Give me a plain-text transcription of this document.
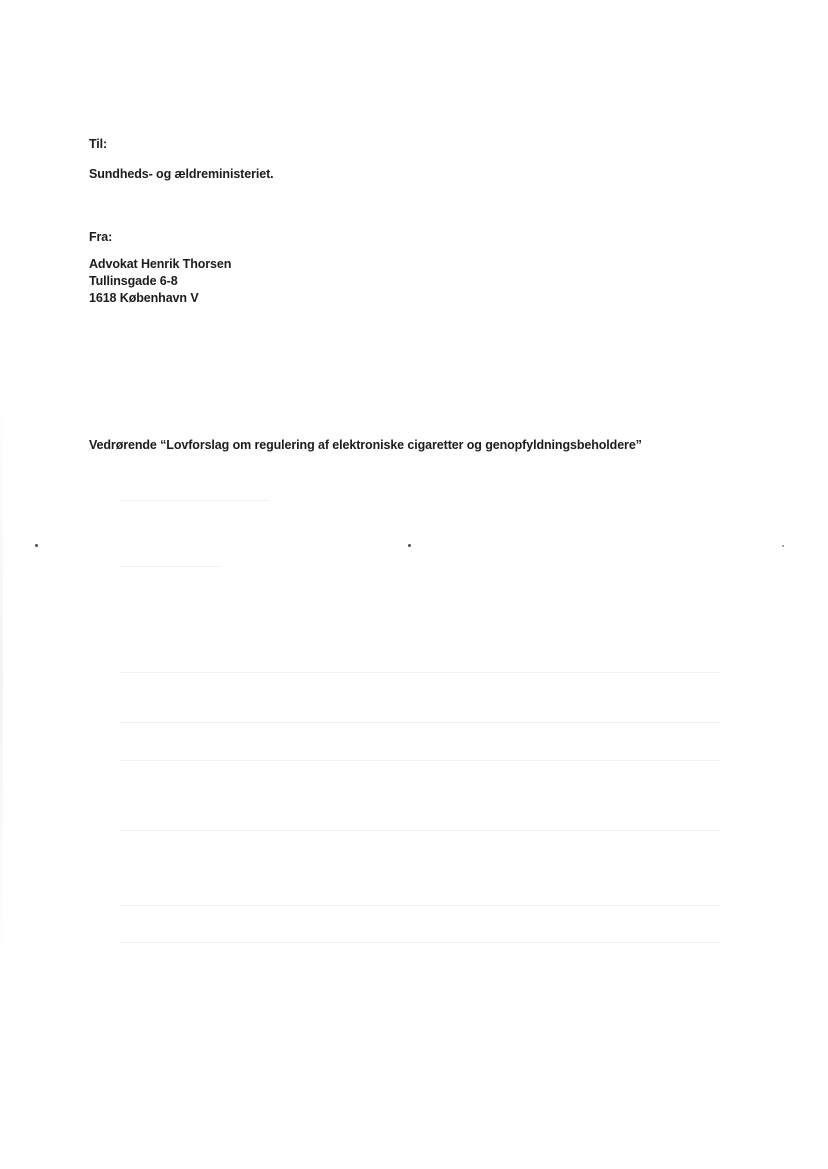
Til:
Sundheds- og ældreministeriet.
Fra:
Advokat Henrik Thorsen
Tullinsgade 6-8
1618 København V
Vedrørende “Lovforslag om regulering af elektroniske cigaretter og genopfyldningsbeholdere”
